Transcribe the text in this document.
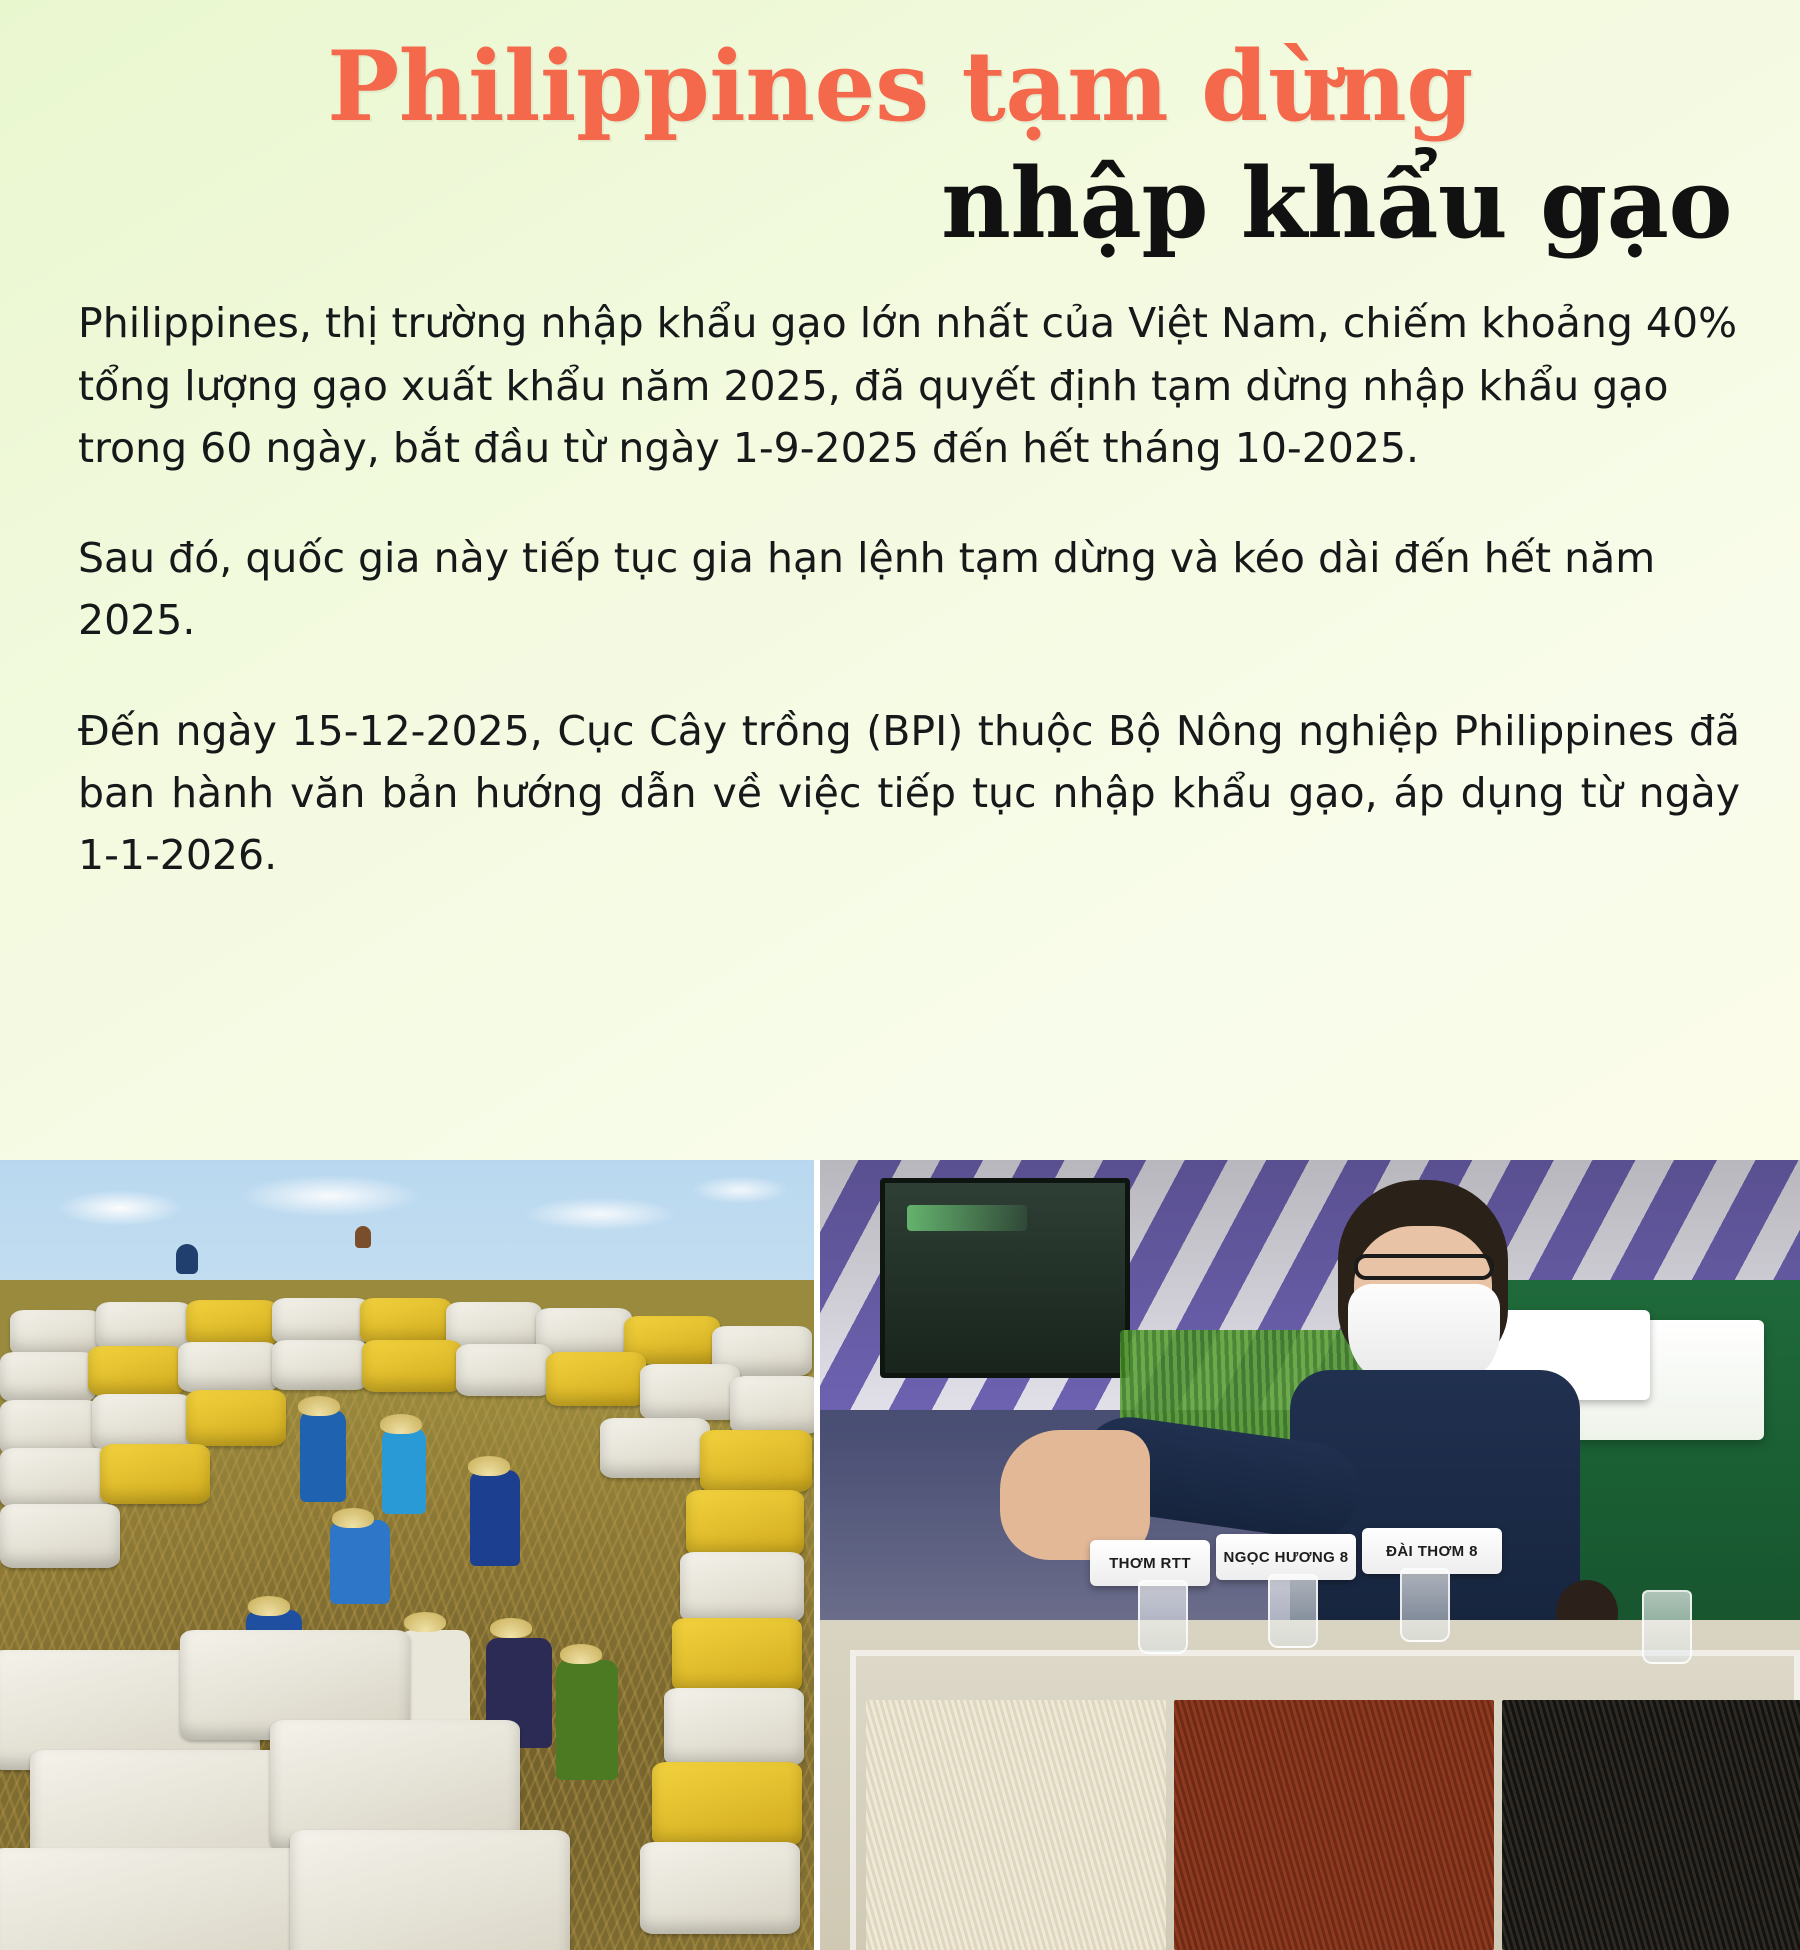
Philippines tạm dừng
nhập khẩu gạo

Philippines, thị trường nhập khẩu gạo lớn nhất của Việt Nam, chiếm khoảng 40% tổng lượng gạo xuất khẩu năm 2025, đã quyết định tạm dừng nhập khẩu gạo trong 60 ngày, bắt đầu từ ngày 1-9-2025 đến hết tháng 10-2025.

Sau đó, quốc gia này tiếp tục gia hạn lệnh tạm dừng và kéo dài đến hết năm 2025.

Đến ngày 15-12-2025, Cục Cây trồng (BPI) thuộc Bộ Nông nghiệp Philippines đã ban hành văn bản hướng dẫn về việc tiếp tục nhập khẩu gạo, áp dụng từ ngày 1-1-2026.

THƠM RTT	NGỌC HƯƠNG 8	ĐÀI THƠM 8
